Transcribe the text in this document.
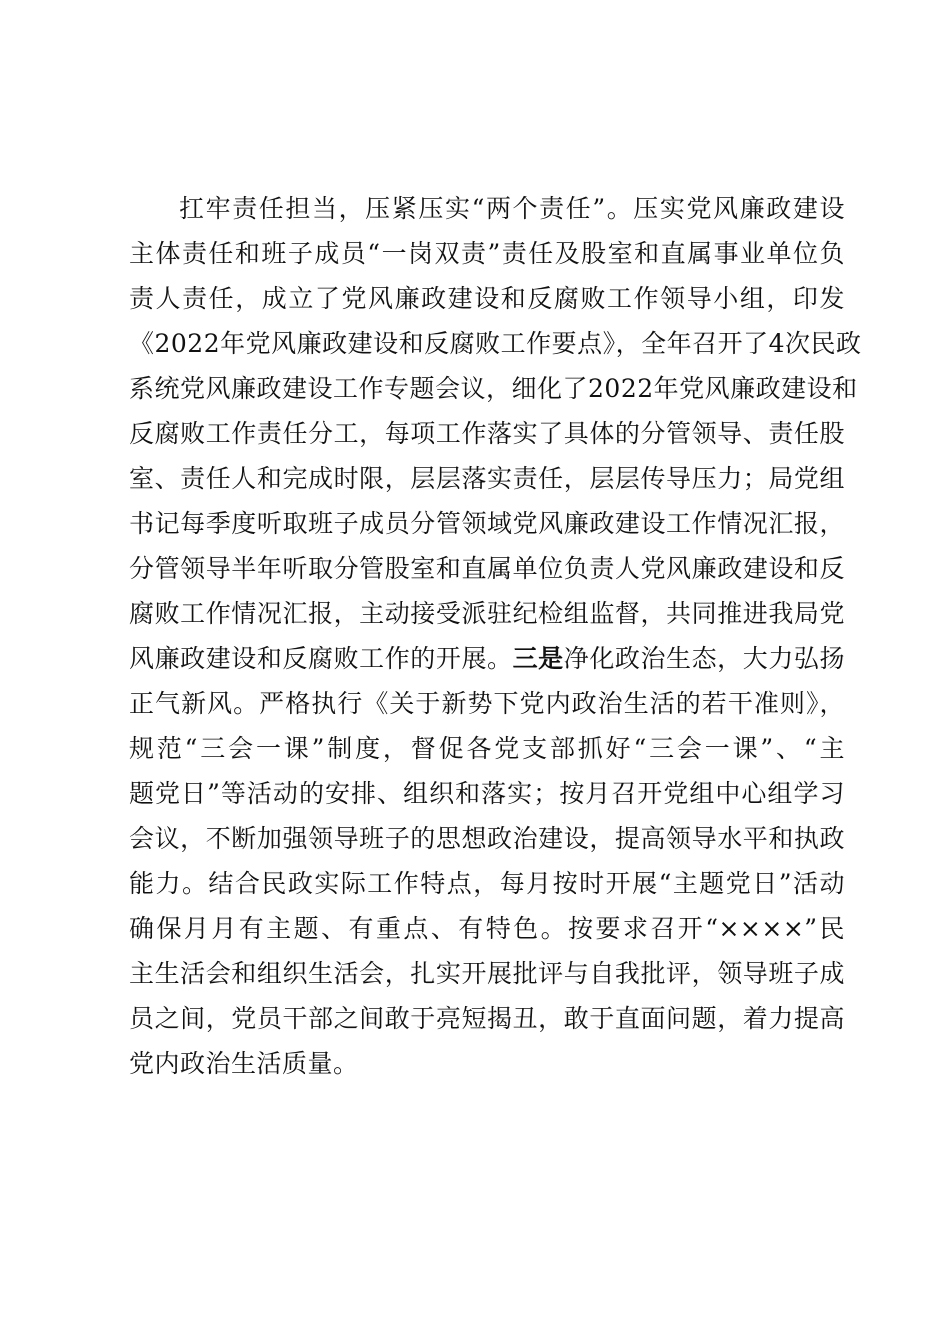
扛牢责任担当，压紧压实“两个责任”。压实党风廉政建设
主体责任和班子成员“一岗双责”责任及股室和直属事业单位负
责人责任，成立了党风廉政建设和反腐败工作领导小组，印发
《2022年党风廉政建设和反腐败工作要点》，全年召开了4次民政
系统党风廉政建设工作专题会议，细化了2022年党风廉政建设和
反腐败工作责任分工，每项工作落实了具体的分管领导、责任股
室、责任人和完成时限，层层落实责任，层层传导压力；局党组
书记每季度听取班子成员分管领域党风廉政建设工作情况汇报，
分管领导半年听取分管股室和直属单位负责人党风廉政建设和反
腐败工作情况汇报，主动接受派驻纪检组监督，共同推进我局党
风廉政建设和反腐败工作的开展。三是净化政治生态，大力弘扬
正气新风。严格执行《关于新势下党内政治生活的若干准则》，
规范“三会一课”制度，督促各党支部抓好“三会一课”、“主
题党日”等活动的安排、组织和落实；按月召开党组中心组学习
会议，不断加强领导班子的思想政治建设，提高领导水平和执政
能力。结合民政实际工作特点，每月按时开展“主题党日”活动
确保月月有主题、有重点、有特色。按要求召开“××××”民
主生活会和组织生活会，扎实开展批评与自我批评，领导班子成
员之间，党员干部之间敢于亮短揭丑，敢于直面问题，着力提高
党内政治生活质量。
